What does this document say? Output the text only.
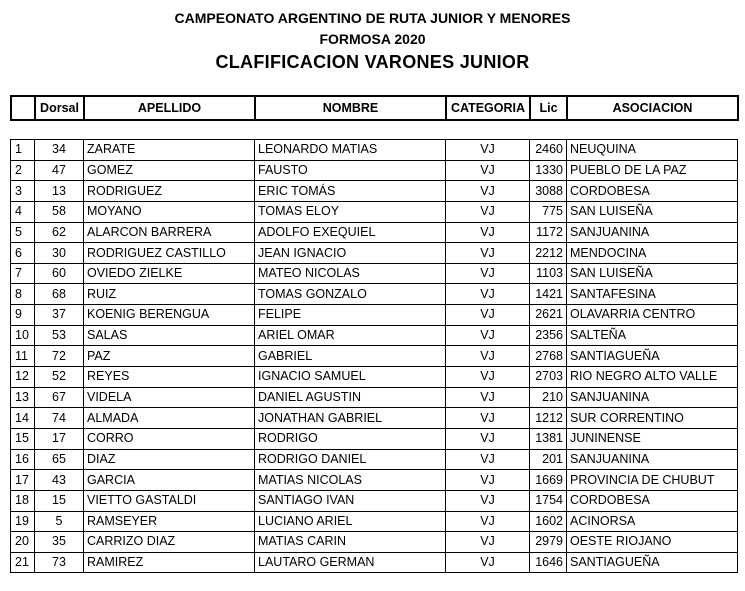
CAMPEONATO ARGENTINO DE RUTA JUNIOR Y MENORES
FORMOSA 2020
CLAFIFICACION VARONES JUNIOR
	Dorsal	APELLIDO	NOMBRE	CATEGORIA	Lic	ASOCIACION
1	34	ZARATE	LEONARDO MATIAS	VJ	2460	NEUQUINA
2	47	GOMEZ	FAUSTO	VJ	1330	PUEBLO DE LA PAZ
3	13	RODRIGUEZ	ERIC TOMÁS	VJ	3088	CORDOBESA
4	58	MOYANO	TOMAS ELOY	VJ	775	SAN LUISEÑA
5	62	ALARCON BARRERA	ADOLFO EXEQUIEL	VJ	1172	SANJUANINA
6	30	RODRIGUEZ CASTILLO	JEAN IGNACIO	VJ	2212	MENDOCINA
7	60	OVIEDO ZIELKE	MATEO NICOLAS	VJ	1103	SAN LUISEÑA
8	68	RUIZ	TOMAS GONZALO	VJ	1421	SANTAFESINA
9	37	KOENIG BERENGUA	FELIPE	VJ	2621	OLAVARRIA CENTRO
10	53	SALAS	ARIEL OMAR	VJ	2356	SALTEÑA
11	72	PAZ	GABRIEL	VJ	2768	SANTIAGUEÑA
12	52	REYES	IGNACIO SAMUEL	VJ	2703	RIO NEGRO ALTO VALLE
13	67	VIDELA	DANIEL AGUSTIN	VJ	210	SANJUANINA
14	74	ALMADA	JONATHAN GABRIEL	VJ	1212	SUR CORRENTINO
15	17	CORRO	RODRIGO	VJ	1381	JUNINENSE
16	65	DIAZ	RODRIGO DANIEL	VJ	201	SANJUANINA
17	43	GARCIA	MATIAS NICOLAS	VJ	1669	PROVINCIA DE CHUBUT
18	15	VIETTO GASTALDI	SANTIAGO IVAN	VJ	1754	CORDOBESA
19	5	RAMSEYER	LUCIANO ARIEL	VJ	1602	ACINORSA
20	35	CARRIZO DIAZ	MATIAS CARIN	VJ	2979	OESTE RIOJANO
21	73	RAMIREZ	LAUTARO GERMAN	VJ	1646	SANTIAGUEÑA
